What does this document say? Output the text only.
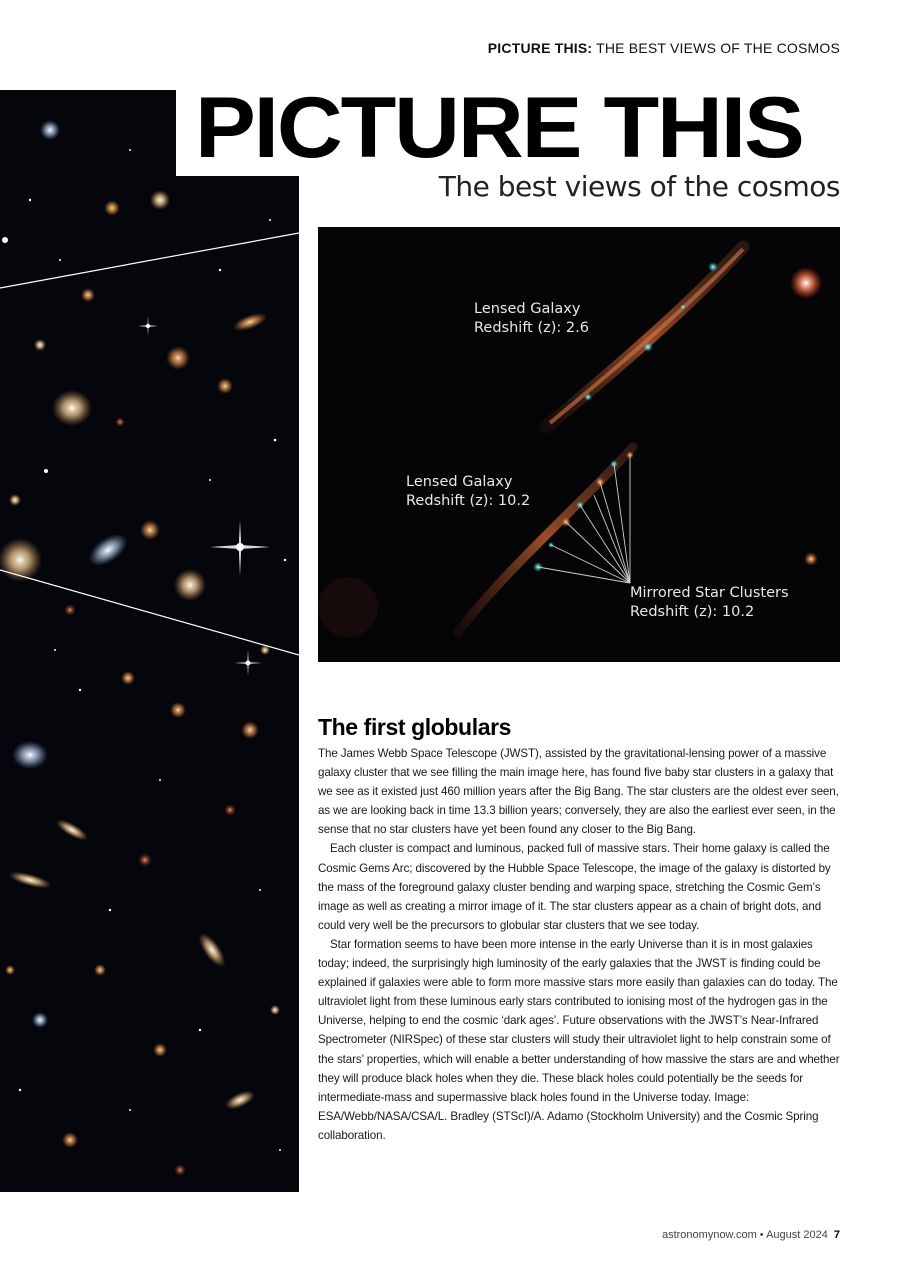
PICTURE THIS: THE BEST VIEWS OF THE COSMOS
PICTURE THIS
The best views of the cosmos
Lensed Galaxy
Redshift (z): 2.6
Lensed Galaxy
Redshift (z): 10.2
Mirrored Star Clusters
Redshift (z): 10.2
The first globulars

The James Webb Space Telescope (JWST), assisted by the gravitational-lensing power of a massive galaxy cluster that we see filling the main image here, has found five baby star clusters in a galaxy that we see as it existed just 460 million years after the Big Bang. The star clusters are the oldest ever seen, as we are looking back in time 13.3 billion years; conversely, they are also the earliest ever seen, in the sense that no star clusters have yet been found any closer to the Big Bang.

Each cluster is compact and luminous, packed full of massive stars. Their home galaxy is called the Cosmic Gems Arc; discovered by the Hubble Space Telescope, the image of the galaxy is distorted by the mass of the foreground galaxy cluster bending and warping space, stretching the Cosmic Gem’s image as well as creating a mirror image of it. The star clusters appear as a chain of bright dots, and could very well be the precursors to globular star clusters that we see today.

Star formation seems to have been more intense in the early Universe than it is in most galaxies today; indeed, the surprisingly high luminosity of the early galaxies that the JWST is finding could be explained if galaxies were able to form more massive stars more easily than galaxies can do today. The ultraviolet light from these luminous early stars contributed to ionising most of the hydrogen gas in the Universe, helping to end the cosmic ‘dark ages’. Future observations with the JWST’s Near-Infrared Spectrometer (NIRSpec) of these star clusters will study their ultraviolet light to help constrain some of the stars’ properties, which will enable a better understanding of how massive the stars are and whether they will produce black holes when they die. These black holes could potentially be the seeds for intermediate-mass and supermassive black holes found in the Universe today. Image: ESA/Webb/NASA/CSA/L. Bradley (STScI)/A. Adamo (Stockholm University) and the Cosmic Spring collaboration.

astronomynow.com • August 2024 7
